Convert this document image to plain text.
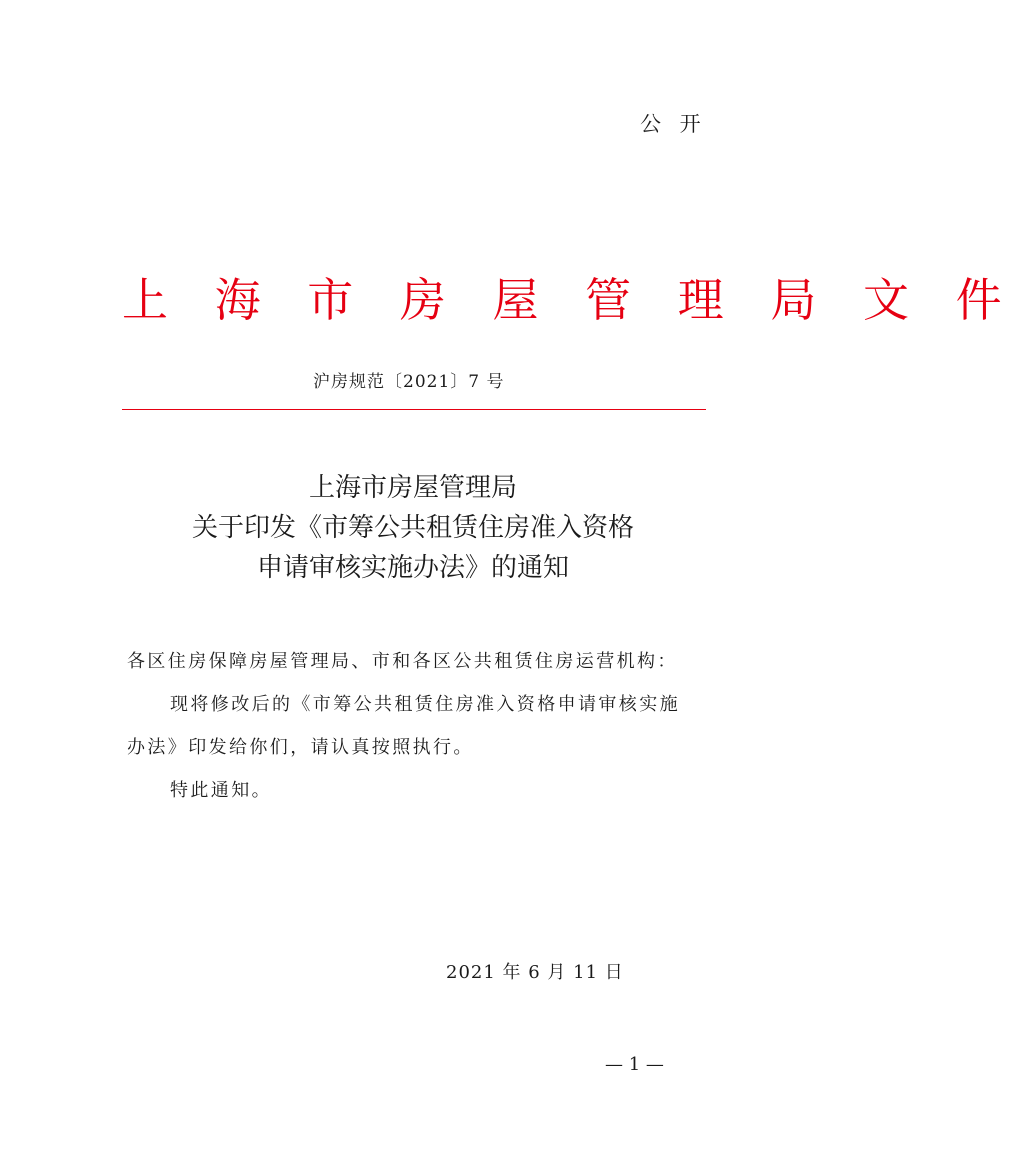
公 开
上 海 市 房 屋 管 理 局 文 件
沪房规范〔2021〕7 号
上海市房屋管理局
关于印发《市筹公共租赁住房准入资格
申请审核实施办法》的通知
各区住房保障房屋管理局、市和各区公共租赁住房运营机构：
现将修改后的《市筹公共租赁住房准入资格申请审核实施
办法》印发给你们，请认真按照执行。
特此通知。
2021 年 6 月 11 日
— 1 —
